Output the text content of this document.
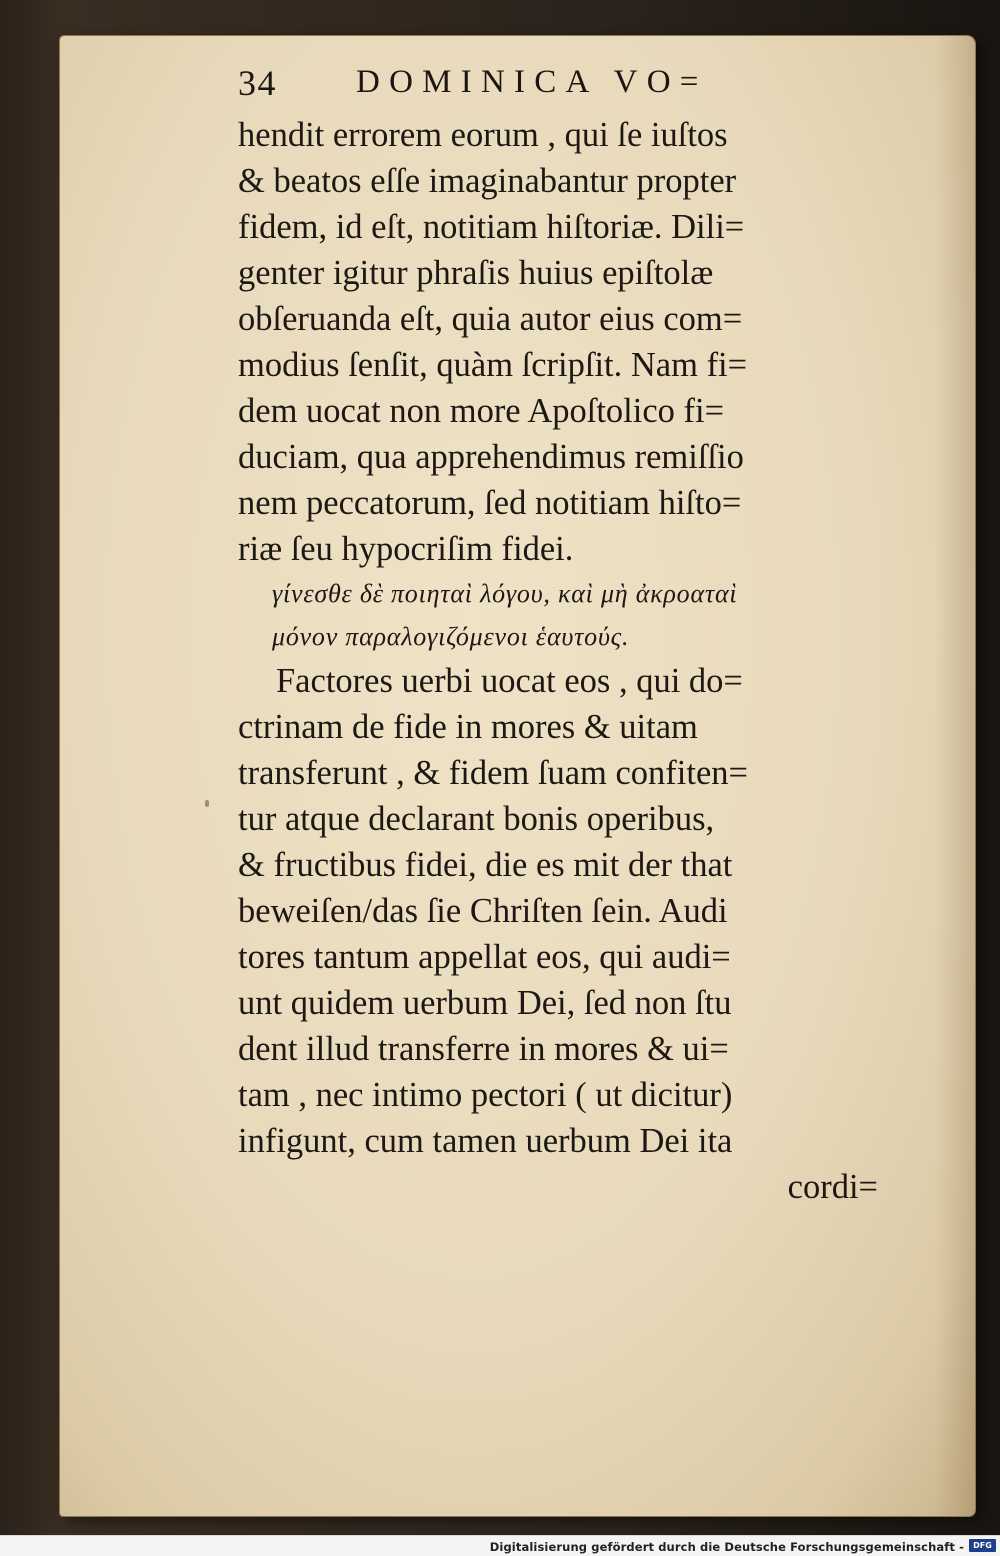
34 DOMINICA VO=
hendit errorem eorum , qui ſe iuſtos
& beatos eſſe imaginabantur propter
fidem, id eſt, notitiam hiſtoriæ. Dili=
genter igitur phraſis huius epiſtolæ
obſeruanda eſt, quia autor eius com=
modius ſenſit, quàm ſcripſit. Nam fi=
dem uocat non more Apoſtolico fi=
duciam, qua apprehendimus remiſſio
nem peccatorum, ſed notitiam hiſto=
riæ ſeu hypocriſim fidei.
γίνεσθε δὲ ποιηταὶ λόγου, καὶ μὴ ἀκροαταὶ
μόνον παραλογιζόμενοι ἑαυτούς.
Factores uerbi uocat eos , qui do=
ctrinam de fide in mores & uitam
transferunt , & fidem ſuam confiten=
tur atque declarant bonis operibus,
& fructibus fidei, die es mit der that
beweiſen/das ſie Chriſten ſein. Audi
tores tantum appellat eos, qui audi=
unt quidem uerbum Dei, ſed non ſtu
dent illud transferre in mores & ui=
tam , nec intimo pectori ( ut dicitur)
infigunt, cum tamen uerbum Dei ita
cordi=
Digitalisierung gefördert durch die Deutsche Forschungsgemeinschaft -	DFG
